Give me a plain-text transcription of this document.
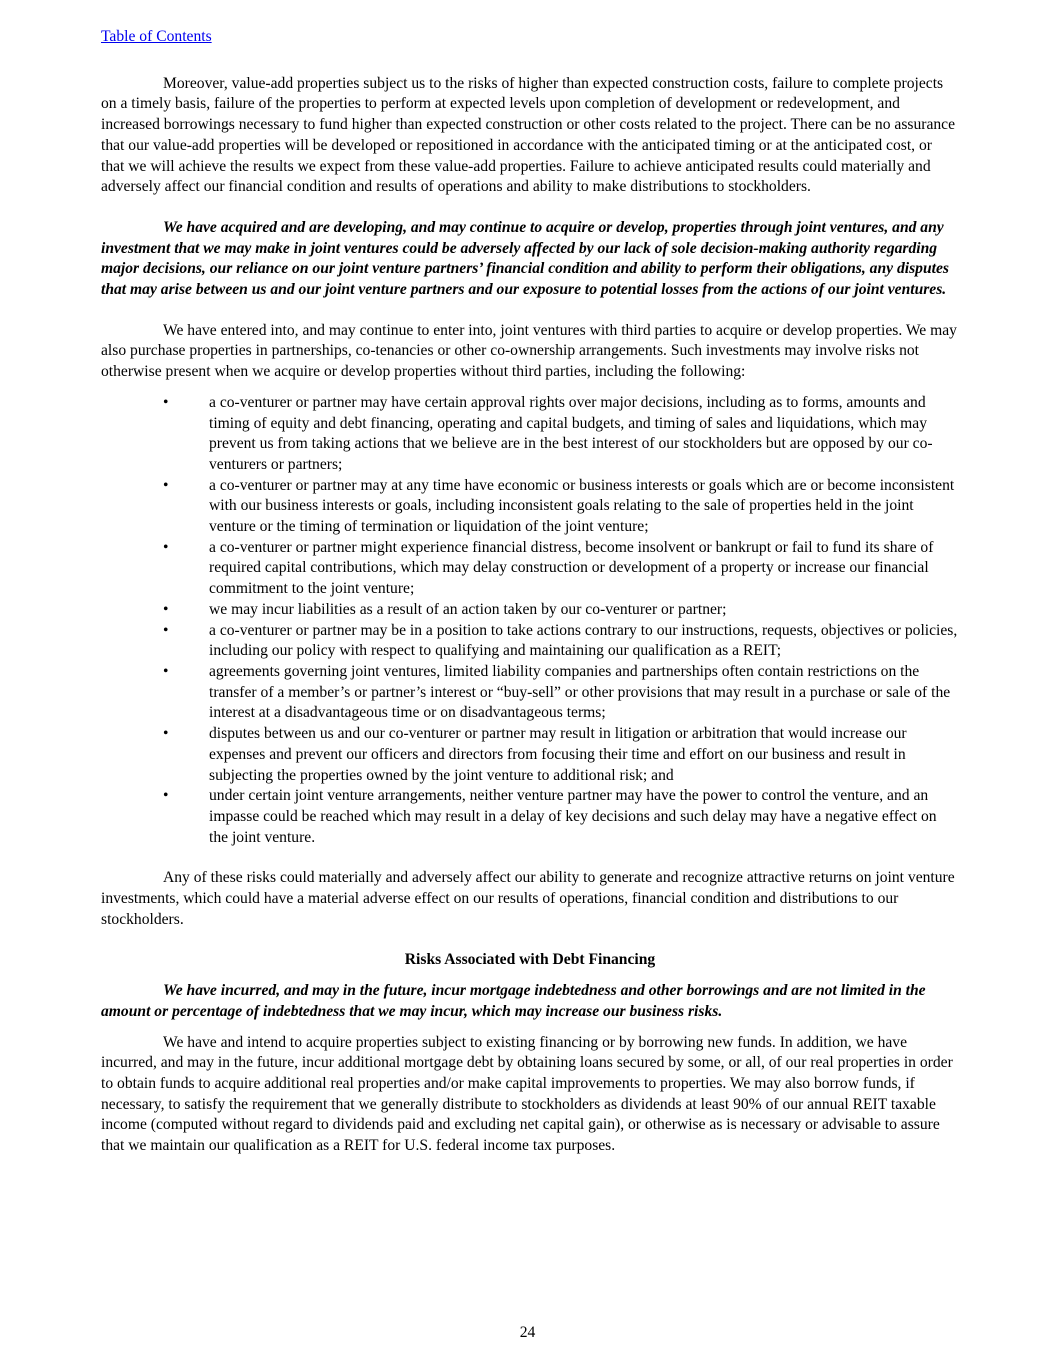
Table of Contents

Moreover, value-add properties subject us to the risks of higher than expected construction costs, failure to complete projects on a timely basis, failure of the properties to perform at expected levels upon completion of development or redevelopment, and increased borrowings necessary to fund higher than expected construction or other costs related to the project. There can be no assurance that our value-add properties will be developed or repositioned in accordance with the anticipated timing or at the anticipated cost, or that we will achieve the results we expect from these value-add properties. Failure to achieve anticipated results could materially and adversely affect our financial condition and results of operations and ability to make distributions to stockholders.

We have acquired and are developing, and may continue to acquire or develop, properties through joint ventures, and any investment that we may make in joint ventures could be adversely affected by our lack of sole decision-making authority regarding major decisions, our reliance on our joint venture partners’ financial condition and ability to perform their obligations, any disputes that may arise between us and our joint venture partners and our exposure to potential losses from the actions of our joint ventures.

We have entered into, and may continue to enter into, joint ventures with third parties to acquire or develop properties. We may also purchase properties in partnerships, co-tenancies or other co-ownership arrangements. Such investments may involve risks not otherwise present when we acquire or develop properties without third parties, including the following:

•	a co-venturer or partner may have certain approval rights over major decisions, including as to forms, amounts and timing of equity and debt financing, operating and capital budgets, and timing of sales and liquidations, which may prevent us from taking actions that we believe are in the best interest of our stockholders but are opposed by our co-venturers or partners;
•	a co-venturer or partner may at any time have economic or business interests or goals which are or become inconsistent with our business interests or goals, including inconsistent goals relating to the sale of properties held in the joint venture or the timing of termination or liquidation of the joint venture;
•	a co-venturer or partner might experience financial distress, become insolvent or bankrupt or fail to fund its share of required capital contributions, which may delay construction or development of a property or increase our financial commitment to the joint venture;
•	we may incur liabilities as a result of an action taken by our co-venturer or partner;
•	a co-venturer or partner may be in a position to take actions contrary to our instructions, requests, objectives or policies, including our policy with respect to qualifying and maintaining our qualification as a REIT;
•	agreements governing joint ventures, limited liability companies and partnerships often contain restrictions on the transfer of a member’s or partner’s interest or “buy-sell” or other provisions that may result in a purchase or sale of the interest at a disadvantageous time or on disadvantageous terms;
•	disputes between us and our co-venturer or partner may result in litigation or arbitration that would increase our expenses and prevent our officers and directors from focusing their time and effort on our business and result in subjecting the properties owned by the joint venture to additional risk; and
•	under certain joint venture arrangements, neither venture partner may have the power to control the venture, and an impasse could be reached which may result in a delay of key decisions and such delay may have a negative effect on the joint venture.

Any of these risks could materially and adversely affect our ability to generate and recognize attractive returns on joint venture investments, which could have a material adverse effect on our results of operations, financial condition and distributions to our stockholders.

Risks Associated with Debt Financing

We have incurred, and may in the future, incur mortgage indebtedness and other borrowings and are not limited in the amount or percentage of indebtedness that we may incur, which may increase our business risks.

We have and intend to acquire properties subject to existing financing or by borrowing new funds. In addition, we have incurred, and may in the future, incur additional mortgage debt by obtaining loans secured by some, or all, of our real properties in order to obtain funds to acquire additional real properties and/or make capital improvements to properties. We may also borrow funds, if necessary, to satisfy the requirement that we generally distribute to stockholders as dividends at least 90% of our annual REIT taxable income (computed without regard to dividends paid and excluding net capital gain), or otherwise as is necessary or advisable to assure that we maintain our qualification as a REIT for U.S. federal income tax purposes.

24
